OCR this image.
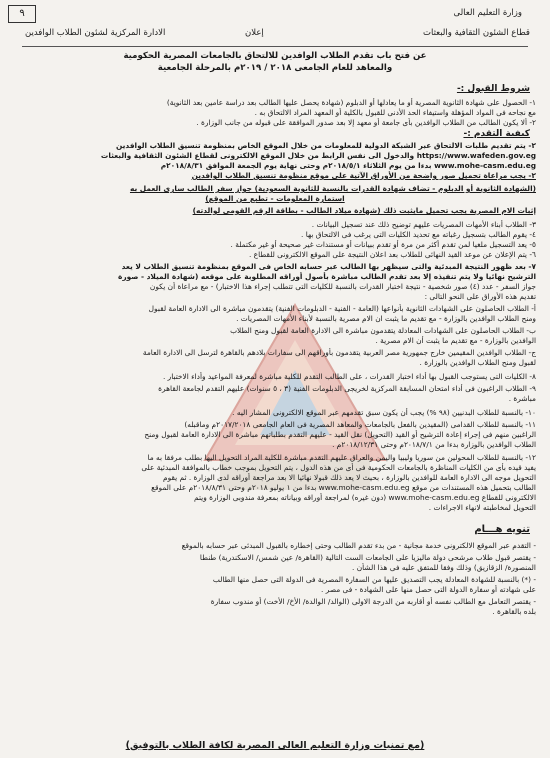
٩	وزارة التعليم العالى
قطاع الشئون الثقافية والبعثات
إعلان
الادارة المركزية لشئون الطلاب الوافدين
عن فتح باب تقدم الطلاب الوافدين للالتحاق بالجامعات المصرية الحكومية
والمعاهد للعام الجامعى ٢٠١٨ / ٢٠١٩م بالمرحلة الجامعية
شروط القبول :-
١- الحصول على شهادة الثانوية المصرية أو ما يعادلها أو الدبلوم (شهادة يحصل عليها الطالب بعد دراسة عامين بعد الثانوية)
مع نجاحه فى المواد المؤهلة واستيفاء الحد الأدنى للقبول بالكلية أو المعهد المراد الالتحاق به .
٢- ألا يكون الطالب من الطلاب الوافدين بأى جامعة أو معهد إلا بعد صدور الموافقة على قبوله من جانب الوزارة .
كيفية التقدم :-
٢- يتم تقديم طلبات الالتحاق عبر الشبكة الدولية للمعلومات من خلال الموقع الخاص بمنظومة تنسيق الطلاب الوافدين
https://www.wafeden.gov.eg والدخول الى نفس الرابط من خلال الموقع الالكترونى لقطاع الشئون الثقافية والبعثات
www.mohe-casm.edu.eg بدءا من يوم الثلاثاء ٢٠١٨/٥/١م وحتى نهاية يوم الجمعة الموافق ٢٠١٨/٨/٣١م
٢- يجب مراعاة تحميل صور واضحة من الأوراق الآتية على موقع منظومة تنسيق الطلاب الوافدين
(الشهادة الثانوية أو الدبلوم - تضاف شهادة القدرات بالنسبة للثانوية السعودية) جواز سفر الطالب سارى العمل به
استمارة المعلومات - تطبع من الموقع)
إثبات الام المصرية يجب تحميل مايثبت ذلك (شهادة ميلاد الطالب - بطاقة الرقم القومى لوالدته)
٣- الطلاب أبناء الأمهات المصريات عليهم توضيح ذلك عند تسجيل البيانات .
٤- يقوم الطالب بتسجيل رغباته مع تحديد الكليات التى يرغب فى الالتحاق بها .
٥- يعد التسجيل ملغيا لمن تقدم أكثر من مرة أو تقدم ببيانات أو مستندات غير صحيحة أو غير مكتملة .
٦- يتم الإعلان عن موعد القيد النهائى للطلاب بعد اعلان النتيجة على الموقع الالكترونى للقطاع .
٧- بعد ظهور النتيجة المبدئية والتى سيظهر بها الطالب عبر حسابه الخاص فى الموقع بمنظومة تنسيق الطلاب لا يعد
الترشيح نهائيا ولا يتم تنفيذه إلا بعد تقدم الطالب مباشرة بأصول أوراقه المطلوبة على موقعه (شهادة الميلاد - صورة
جواز السفر - عدد (٤) صور شخصية - نتيجة اختبار القدرات بالنسبة للكليات التى تتطلب إجراء هذا الاختبار) - مع مراعاة أن يكون
تقديم هذه الأوراق على النحو التالى :
أ- الطلاب الحاصلون على الشهادات الثانوية بأنواعها (العامة - الفنية - الدبلومات الفنية) يتقدمون مباشرة الى الادارة العامة لقبول
ومنح الطلاب الوافدين بالوزارة - مع تقديم ما يثبت ان الام مصرية بالنسبة لأبناء الأمهات المصريات .
ب- الطلاب الحاصلون على الشهادات المعادلة يتقدمون مباشرة الى الادارة العامة لقبول ومنح الطلاب
الوافدين بالوزارة - مع تقديم ما يثبت أن الام مصرية .
ج- الطلاب الوافدين المقيمين خارج جمهورية مصر العربية يتقدمون بأوراقهم الى سفارات بلادهم بالقاهرة لترسل الى الادارة العامة
لقبول ومنح الطلاب الوافدين بالوزارة .
٨- الكليات التى يستوجب القبول بها أداء اختبار القدرات ، على الطالب التقدم للكلية مباشرة لمعرفة المواعيد وأداء الاختبار .
٩- الطلاب الراغبون فى أداء امتحان المسابقة المركزية لخريجى الدبلومات الفنية (٣ ، ٥ سنوات) عليهم التقدم لجامعة القاهرة
مباشرة .
١٠- بالنسبة للطلاب البدنيين (٩٨ %) يجب أن يكون سبق تقدمهم عبر الموقع الالكترونى المشار اليه .
١١- بالنسبة للطلاب القدامى (المقيدين بالفعل بالجامعات والمعاهد المصرية فى العام الجامعى ٢٠١٧/٢٠١٨م وماقبله)
الراغبين منهم فى إجراء إعادة الترشيح أو القيد (التحويل) نقل القيد - عليهم التقدم بطلباتهم مباشرة الى الادارة العامة لقبول ومنح
الطلاب الوافدين بالوزارة بدءا من ٢٠١٨/٧/١م وحتى ٢٠١٨/١٢/٣١م .
١٢- بالنسبة للطلاب المحولين من سوريا وليبيا واليمن والعراق عليهم التقدم مباشرة للكلية المراد التحويل اليها بطلب مرفقا به ما
يفيد قيده بأى من الكليات المناظرة بالجامعات الحكومية فى أى من هذه الدول ، يتم التحويل بموجب خطاب بالموافقة المبدئية على
التحويل موجه الى الادارة العامة للوافدين بالوزارة ، بحيث لا يعد ذلك قبولا نهائيا الا بعد مراجعة أوراقه لدى الوزارة . ثم يقوم
الطالب بتحميل هذه المستندات من موقع www.mohe-casm.edu.eg بدءا من ١ يوليو ٢٠١٨م وحتى ٢٠١٨/٨/٣١م على الموقع
الالكترونى للقطاع www.mohe-casm.edu.eg (دون غيره) لمراجعة أوراقه وبياناته بمعرفة مندوبى الوزارة ويتم
التحويل لمخاطبته لانهاء الاجراءات .
تنويه هـــام
- التقدم عبر الموقع الالكترونى خدمة مجانية - من بدء تقدم الطالب وحتى إخطاره بالقبول المبدئى عبر حسابه بالموقع
- يقتصر قبول طلاب مرشحى دولة ماليزيا على الجامعات الست التالية (القاهرة/ عين شمس/ الاسكندرية) طنطا
المنصورة/ الزقازيق) وذلك وفقا للمتفق عليه فى هذا الشأن .
- (*) بالنسبة للشهادة المعادلة يجب التصديق عليها من السفارة المصرية فى الدولة التى حصل منها الطالب
على شهادته أو سفارة الدولة التى حصل منها على الشهادة - فى مصر .
- يقتصر التعامل مع الطالب نفسه أو أقاربه من الدرجة الاولى (الوالد/ الوالدة/ الأخ/ الأخت) أو مندوب سفارة
بلده بالقاهرة .
(مع تمنيات وزارة التعليم العالى المصرية لكافة الطلاب بالتوفيق)
